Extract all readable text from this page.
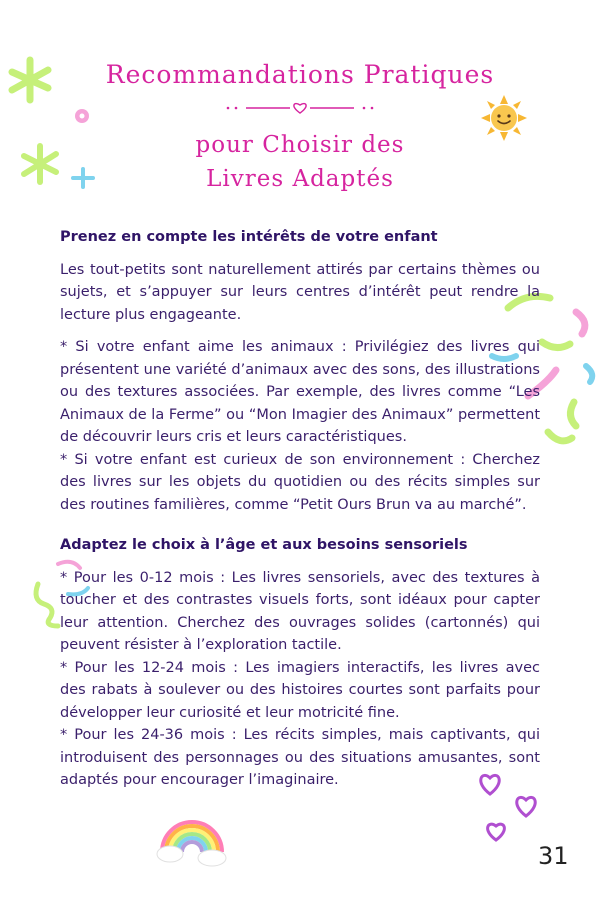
Recommandations Pratiques
pour Choisir des
Livres Adaptés
Prenez en compte les intérêts de votre enfant

Les tout-petits sont naturellement attirés par certains thèmes ou sujets, et s’appuyer sur leurs centres d’intérêt peut rendre la lecture plus engageante.

* Si votre enfant aime les animaux : Privilégiez des livres qui présentent une variété d’animaux avec des sons, des illustrations ou des textures associées. Par exemple, des livres comme “Les Animaux de la Ferme” ou “Mon Imagier des Animaux” permettent de découvrir leurs cris et leurs caractéristiques.

* Si votre enfant est curieux de son environnement : Cherchez des livres sur les objets du quotidien ou des récits simples sur des routines familières, comme “Petit Ours Brun va au marché”.

Adaptez le choix à l’âge et aux besoins sensoriels

* Pour les 0-12 mois : Les livres sensoriels, avec des textures à toucher et des contrastes visuels forts, sont idéaux pour capter leur attention. Cherchez des ouvrages solides (cartonnés) qui peuvent résister à l’exploration tactile.

* Pour les 12-24 mois : Les imagiers interactifs, les livres avec des rabats à soulever ou des histoires courtes sont parfaits pour développer leur curiosité et leur motricité fine.

* Pour les 24-36 mois : Les récits simples, mais captivants, qui introduisent des personnages ou des situations amusantes, sont adaptés pour encourager l’imaginaire.

31
